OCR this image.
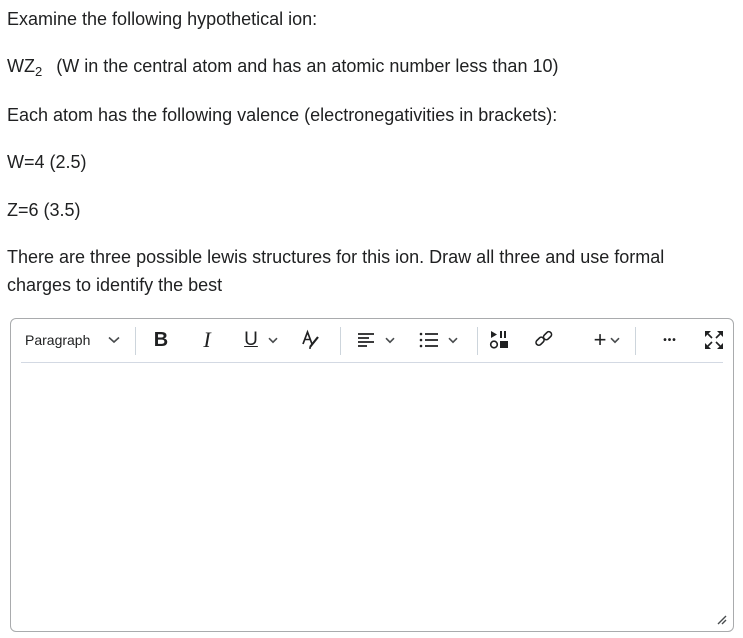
Examine the following hypothetical ion:
$WZ_2$ (W in the central atom and has an atomic number less than 10)
Each atom has the following valence (electronegativities in brackets):
W=4 (2.5)
Z=6 (3.5)
There are three possible lewis structures for this ion. Draw all three and use formal charges to identify the best
Paragraph	B I	U	+	•••
